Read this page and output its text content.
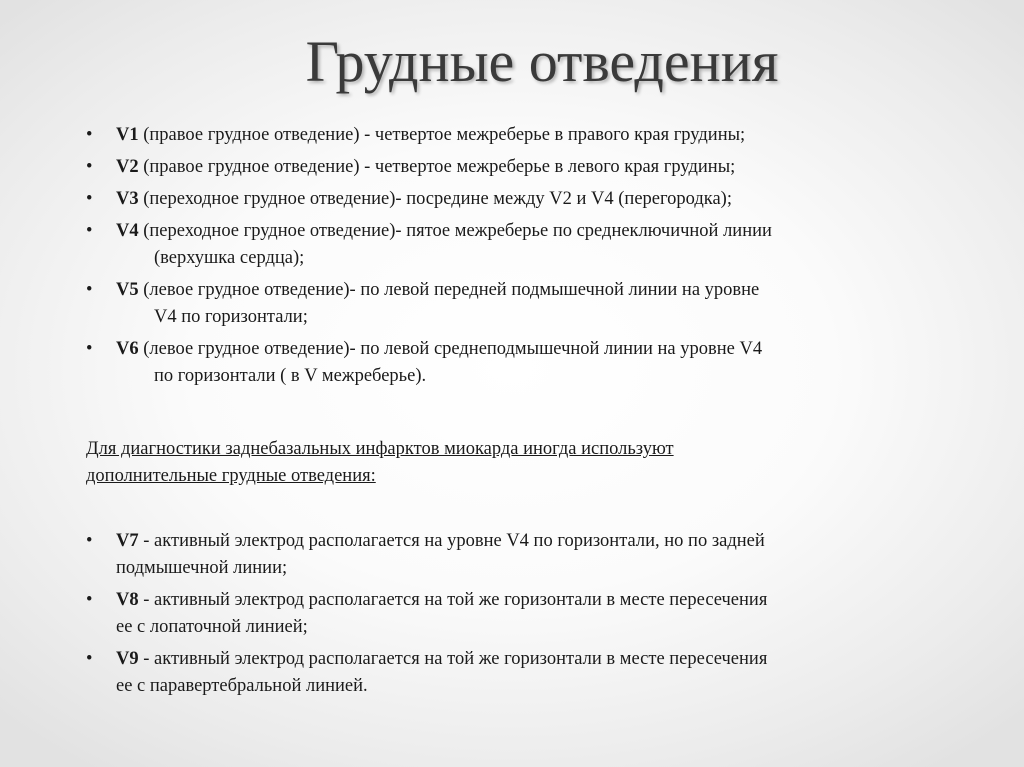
Грудные отведения
• V1 (правое грудное отведение) - четвертое межреберье в правого края грудины;
• V2 (правое грудное отведение) - четвертое межреберье в левого края грудины;
• V3 (переходное грудное отведение)- посредине между V2 и V4 (перегородка);
• V4 (переходное грудное отведение)- пятое межреберье по среднеключичной линии
(верхушка сердца);
• V5 (левое грудное отведение)- по левой передней подмышечной линии на уровне
V4 по горизонтали;
• V6 (левое грудное отведение)- по левой среднеподмышечной линии на уровне V4
по горизонтали ( в V межреберье).
Для диагностики заднебазальных инфарктов миокарда иногда используют
дополнительные грудные отведения:
• V7 - активный электрод располагается на уровне V4 по горизонтали, но по задней
подмышечной линии;
• V8 - активный электрод располагается на той же горизонтали в месте пересечения
ее с лопаточной линией;
• V9 - активный электрод располагается на той же горизонтали в месте пересечения
ее с паравертебральной линией.
